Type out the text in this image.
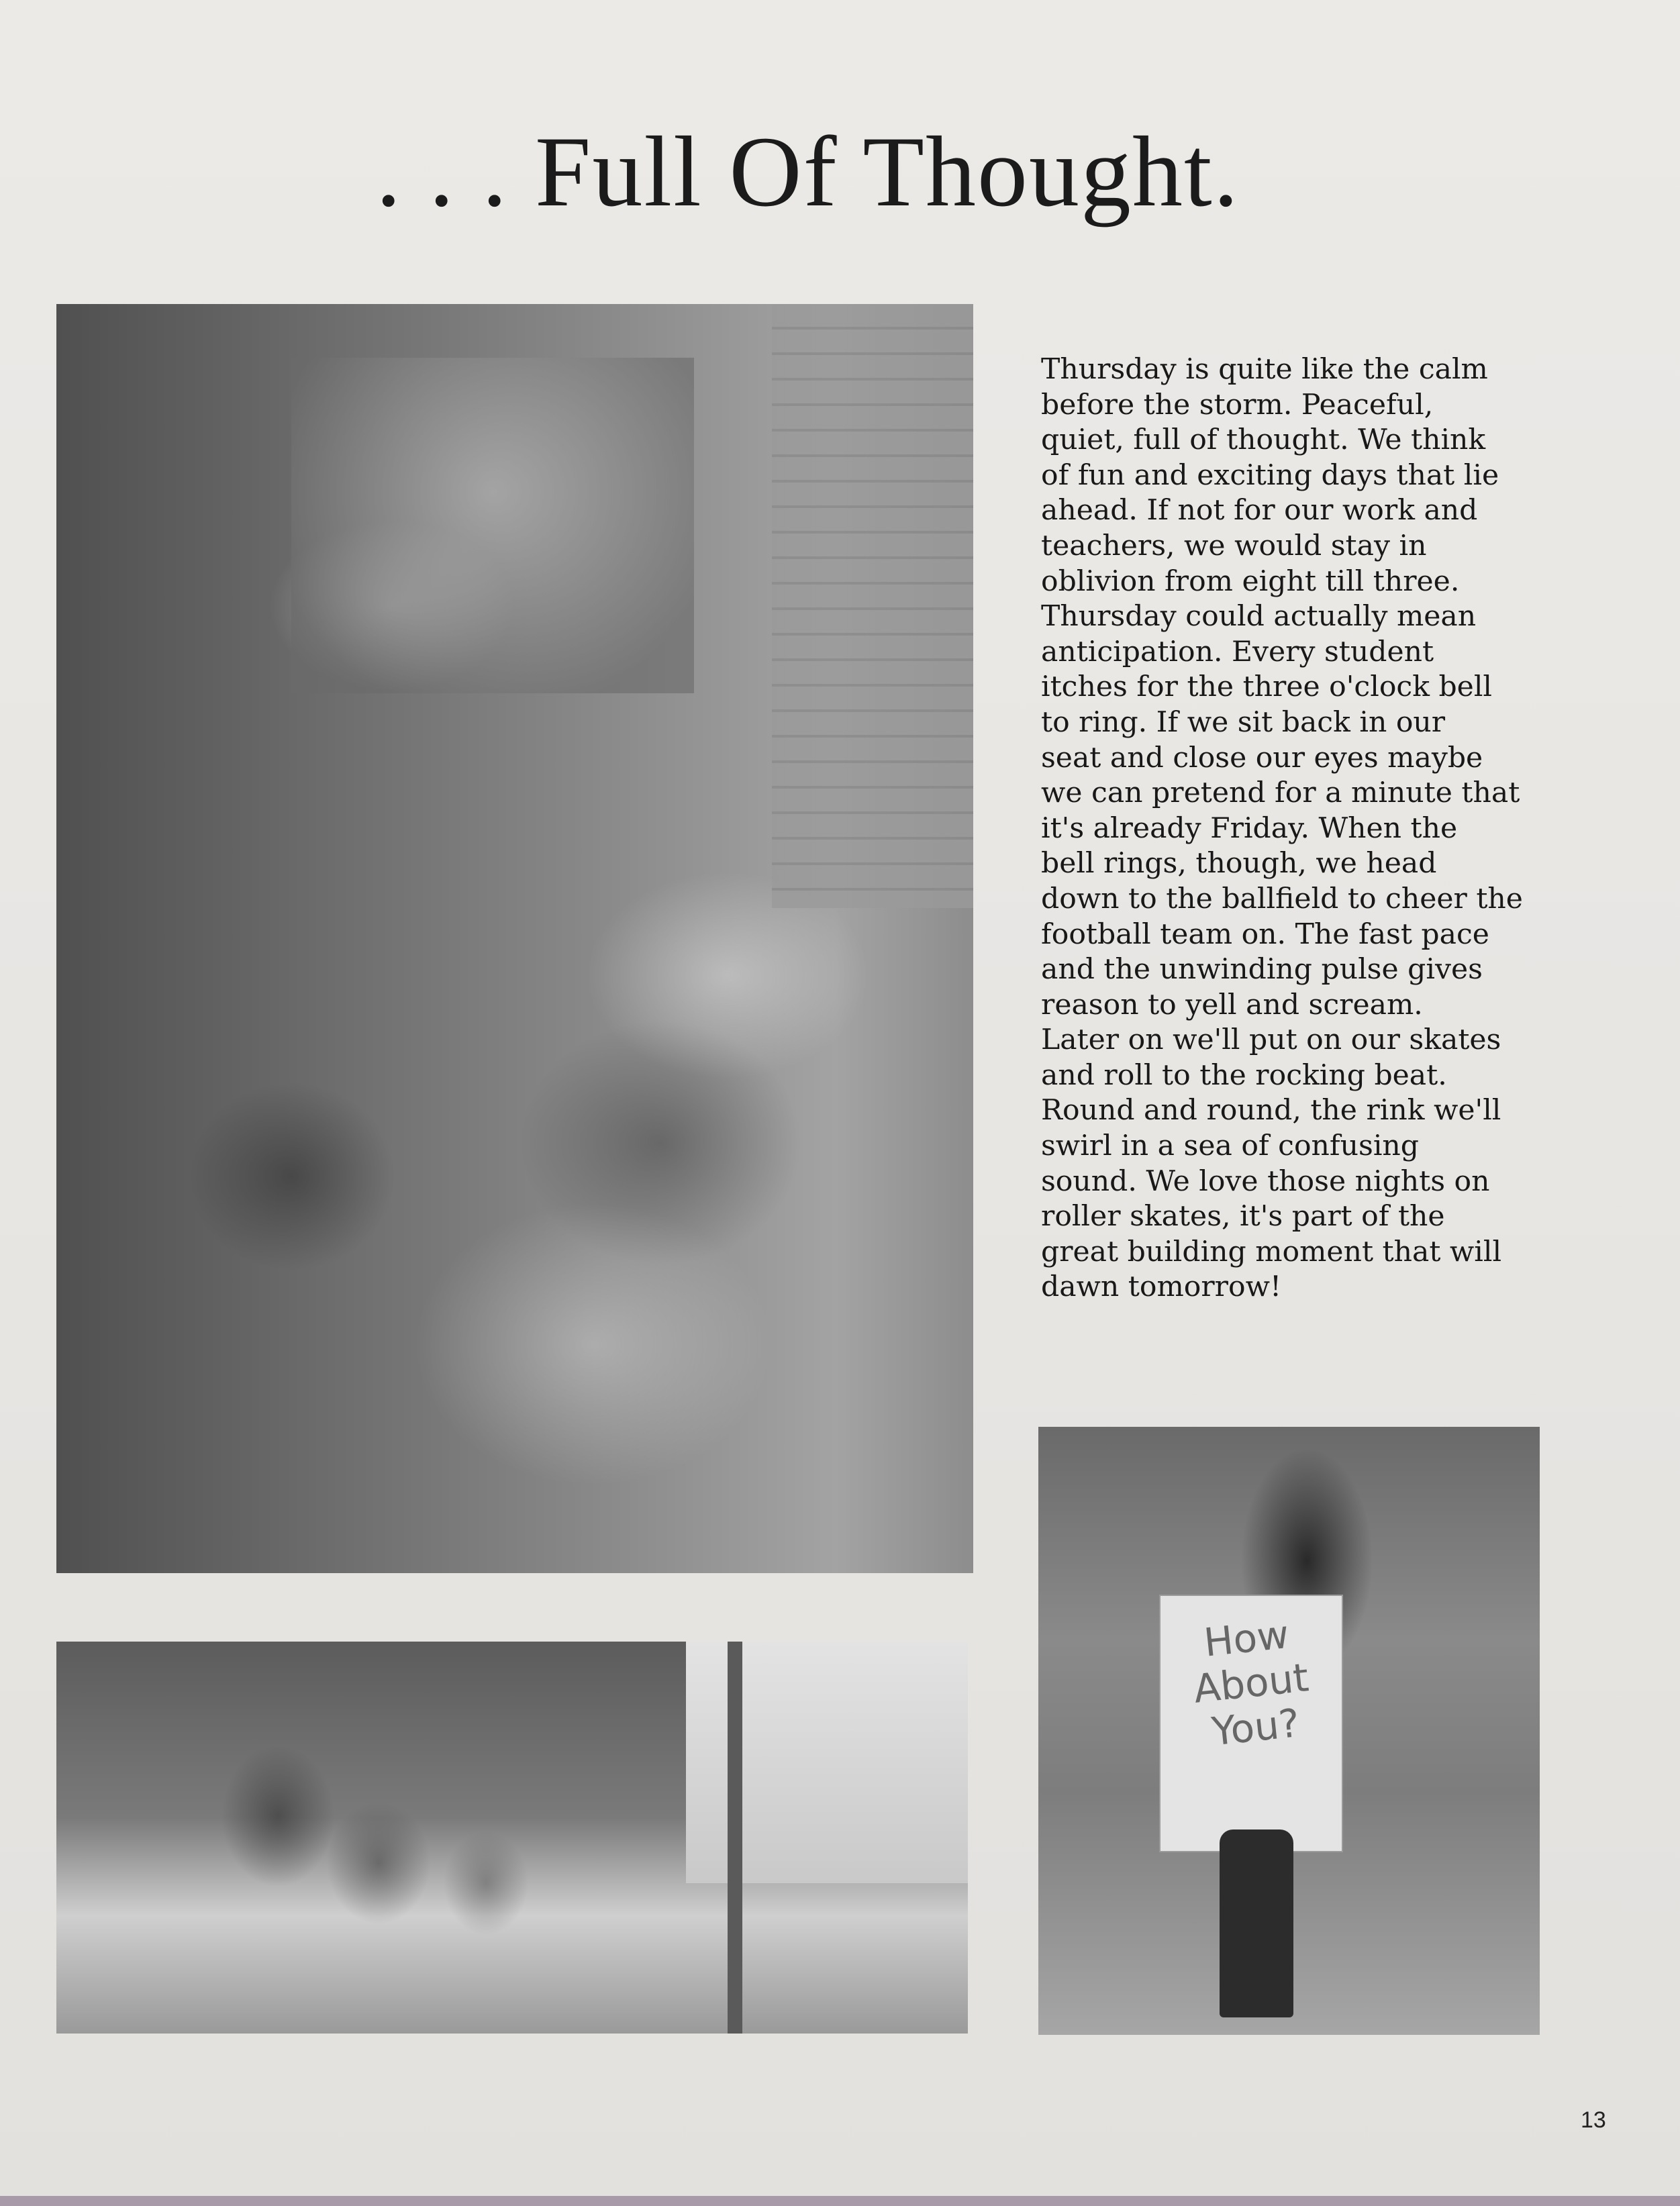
. . . Full Of Thought.
Thursday is quite like the calm
before the storm. Peaceful,
quiet, full of thought. We think
of fun and exciting days that lie
ahead. If not for our work and
teachers, we would stay in
oblivion from eight till three.
Thursday could actually mean
anticipation. Every student
itches for the three o'clock bell
to ring. If we sit back in our
seat and close our eyes maybe
we can pretend for a minute that
it's already Friday. When the
bell rings, though, we head
down to the ballfield to cheer the
football team on. The fast pace
and the unwinding pulse gives
reason to yell and scream.
Later on we'll put on our skates
and roll to the rocking beat.
Round and round, the rink we'll
swirl in a sea of confusing
sound. We love those nights on
roller skates, it's part of the
great building moment that will
dawn tomorrow!
How
About
You?
13
